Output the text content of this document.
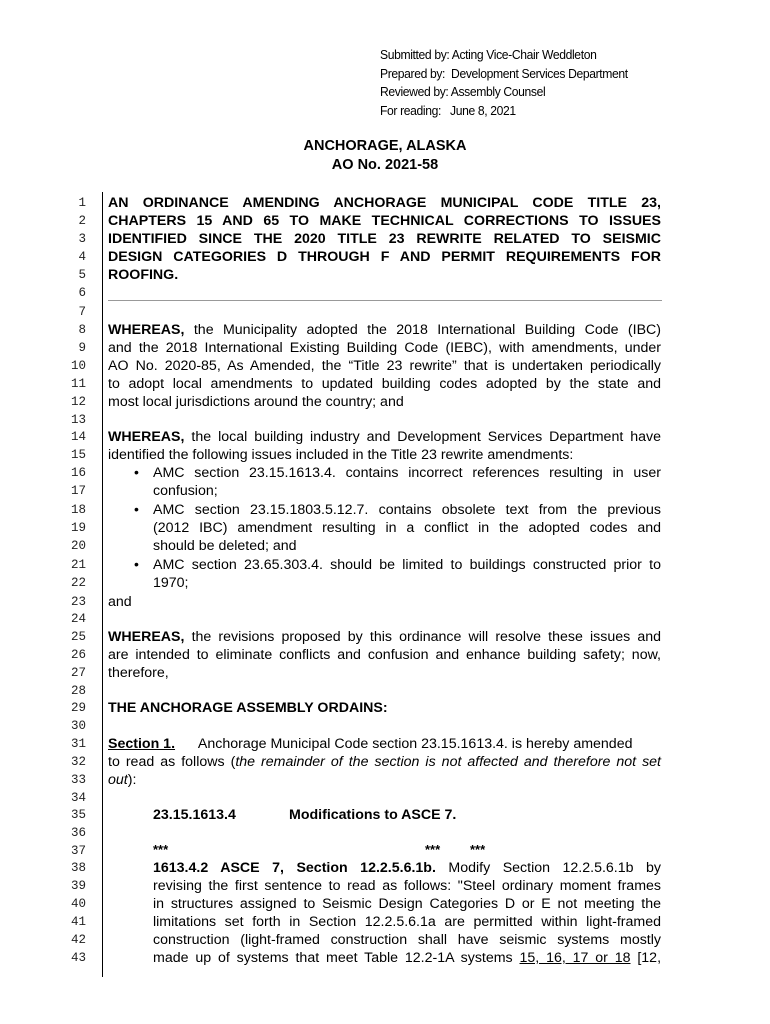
Submitted by: Acting Vice-Chair Weddleton
Prepared by:  Development Services Department
Reviewed by: Assembly Counsel
For reading:   June 8, 2021
ANCHORAGE, ALASKA
AO No. 2021-58
1
2
3
4
5
6
7
8
9
10
11
12
13
14
15
16
17
18
19
20
21
22
23
24
25
26
27
28
29
30
31
32
33
34
35
36
37
38
39
40
41
42
43
AN ORDINANCE AMENDING ANCHORAGE MUNICIPAL CODE TITLE 23,
CHAPTERS 15 AND 65 TO MAKE TECHNICAL CORRECTIONS TO ISSUES
IDENTIFIED SINCE THE 2020 TITLE 23 REWRITE RELATED TO SEISMIC
DESIGN CATEGORIES D THROUGH F AND PERMIT REQUIREMENTS FOR
ROOFING.
WHEREAS, the Municipality adopted the 2018 International Building Code (IBC)
and the 2018 International Existing Building Code (IEBC), with amendments, under
AO No. 2020-85, As Amended, the “Title 23 rewrite” that is undertaken periodically
to adopt local amendments to updated building codes adopted by the state and
most local jurisdictions around the country; and
WHEREAS, the local building industry and Development Services Department have
identified the following issues included in the Title 23 rewrite amendments:
• AMC section 23.15.1613.4. contains incorrect references resulting in user
confusion;
• AMC section 23.15.1803.5.12.7. contains obsolete text from the previous
(2012 IBC) amendment resulting in a conflict in the adopted codes and
should be deleted; and
• AMC section 23.65.303.4. should be limited to buildings constructed prior to
1970;
and
WHEREAS, the revisions proposed by this ordinance will resolve these issues and
are intended to eliminate conflicts and confusion and enhance building safety; now,
therefore,
THE ANCHORAGE ASSEMBLY ORDAINS:
Section 1.      Anchorage Municipal Code section 23.15.1613.4. is hereby amended
to read as follows (the remainder of the section is not affected and therefore not set
out):
23.15.1613.4	Modifications to ASCE 7.
***	*** ***
1613.4.2 ASCE 7, Section 12.2.5.6.1b. Modify Section 12.2.5.6.1b by
revising the first sentence to read as follows: "Steel ordinary moment frames
in structures assigned to Seismic Design Categories D or E not meeting the
limitations set forth in Section 12.2.5.6.1a are permitted within light-framed
construction (light-framed construction shall have seismic systems mostly
made up of systems that meet Table 12.2-1A systems 15, 16, 17 or 18 [12,
